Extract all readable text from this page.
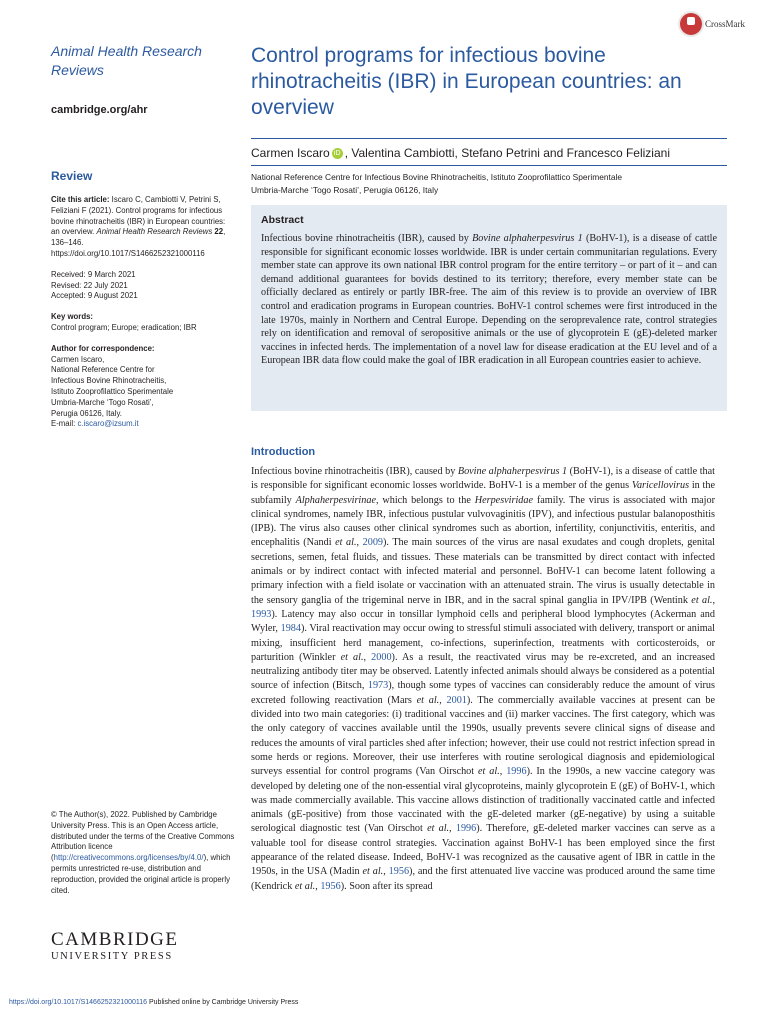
Animal Health Research Reviews
cambridge.org/ahr
CrossMark
Control programs for infectious bovine rhinotracheitis (IBR) in European countries: an overview
Carmen Iscaro iD , Valentina Cambiotti, Stefano Petrini and Francesco Feliziani
National Reference Centre for Infectious Bovine Rhinotracheitis, Istituto Zooprofilattico Sperimentale
Umbria-Marche ‘Togo Rosati’, Perugia 06126, Italy
Abstract

Infectious bovine rhinotracheitis (IBR), caused by Bovine alphaherpesvirus 1 (BoHV-1), is a disease of cattle responsible for significant economic losses worldwide. IBR is under certain communitarian regulations. Every member state can approve its own national IBR control program for the entire territory – or part of it – and can demand additional guarantees for bovids destined to its territory; therefore, every member state can be officially declared as entirely or partly IBR-free. The aim of this review is to provide an overview of IBR control and eradication programs in European countries. BoHV-1 control schemes were first introduced in the late 1970s, mainly in Northern and Central Europe. Depending on the seroprevalence rate, control strategies rely on identification and removal of seropositive animals or the use of glycoprotein E (gE)-deleted marker vaccines in infected herds. The implementation of a novel law for disease eradication at the EU level and of a European IBR data flow could make the goal of IBR eradication in all European countries easier to achieve.

Review
Cite this article: Iscaro C, Cambiotti V, Petrini S, Feliziani F (2021). Control programs for infectious bovine rhinotracheitis (IBR) in European countries: an overview. Animal Health Research Reviews 22, 136–146. https://doi.org/10.1017/S1466252321000116
Received: 9 March 2021
Revised: 22 July 2021
Accepted: 9 August 2021
Key words:
Control program; Europe; eradication; IBR
Author for correspondence:
Carmen Iscaro,
National Reference Centre for
Infectious Bovine Rhinotracheitis,
Istituto Zooprofilattico Sperimentale
Umbria-Marche ‘Togo Rosati’,
Perugia 06126, Italy.
E-mail: c.iscaro@izsum.it
© The Author(s), 2022. Published by Cambridge University Press. This is an Open Access article, distributed under the terms of the Creative Commons Attribution licence (http://creativecommons.org/licenses/by/4.0/), which permits unrestricted re-use, distribution and reproduction, provided the original article is properly cited.
CAMBRIDGE
UNIVERSITY PRESS
Introduction
Infectious bovine rhinotracheitis (IBR), caused by Bovine alphaherpesvirus 1 (BoHV-1), is a disease of cattle that is responsible for significant economic losses worldwide. BoHV-1 is a member of the genus Varicellovirus in the subfamily Alphaherpesvirinae, which belongs to the Herpesviridae family. The virus is associated with major clinical syndromes, namely IBR, infectious pustular vulvovaginitis (IPV), and infectious pustular balanoposthitis (IPB). The virus also causes other clinical syndromes such as abortion, infertility, conjunctivitis, enteritis, and encephalitis (Nandi et al., 2009). The main sources of the virus are nasal exudates and cough droplets, genital secretions, semen, fetal fluids, and tissues. These materials can be transmitted by direct contact with infected animals or by indirect contact with infected material and personnel. BoHV-1 can become latent following a primary infection with a field isolate or vaccination with an attenuated strain. The virus is usually detectable in the sensory ganglia of the trigeminal nerve in IBR, and in the sacral spinal ganglia in IPV/IPB (Wentink et al., 1993). Latency may also occur in tonsillar lymphoid cells and peripheral blood lymphocytes (Ackerman and Wyler, 1984). Viral reactivation may occur owing to stressful stimuli associated with delivery, transport or animal mixing, insufficient herd management, co-infections, superinfection, treatments with corticosteroids, or parturition (Winkler et al., 2000). As a result, the reactivated virus may be re-excreted, and an increased neutralizing antibody titer may be observed. Latently infected animals should always be considered as a potential source of infection (Bitsch, 1973), though some types of vaccines can considerably reduce the amount of virus excreted following reactivation (Mars et al., 2001). The commercially available vaccines at present can be divided into two main categories: (i) traditional vaccines and (ii) marker vaccines. The first category, which was the only category of vaccines available until the 1990s, usually prevents severe clinical signs of disease and reduces the amounts of viral particles shed after infection; however, their use could not restrict infection spread in some herds or regions. Moreover, their use interferes with routine serological diagnosis and epidemiological surveys essential for control programs (Van Oirschot et al., 1996). In the 1990s, a new vaccine category was developed by deleting one of the non-essential viral glycoproteins, mainly glycoprotein E (gE) of BoHV-1, which was made commercially available. This vaccine allows distinction of traditionally vaccinated cattle and infected animals (gE-positive) from those vaccinated with the gE-deleted marker (gE-negative) by using a suitable serological diagnostic test (Van Oirschot et al., 1996). Therefore, gE-deleted marker vaccines can serve as a valuable tool for disease control strategies. Vaccination against BoHV-1 has been employed since the first appearance of the related disease. Indeed, BoHV-1 was recognized as the causative agent of IBR in cattle in the 1950s, in the USA (Madin et al., 1956), and the first attenuated live vaccine was produced around the same time (Kendrick et al., 1956). Soon after its spread
https://doi.org/10.1017/S1466252321000116 Published online by Cambridge University Press
